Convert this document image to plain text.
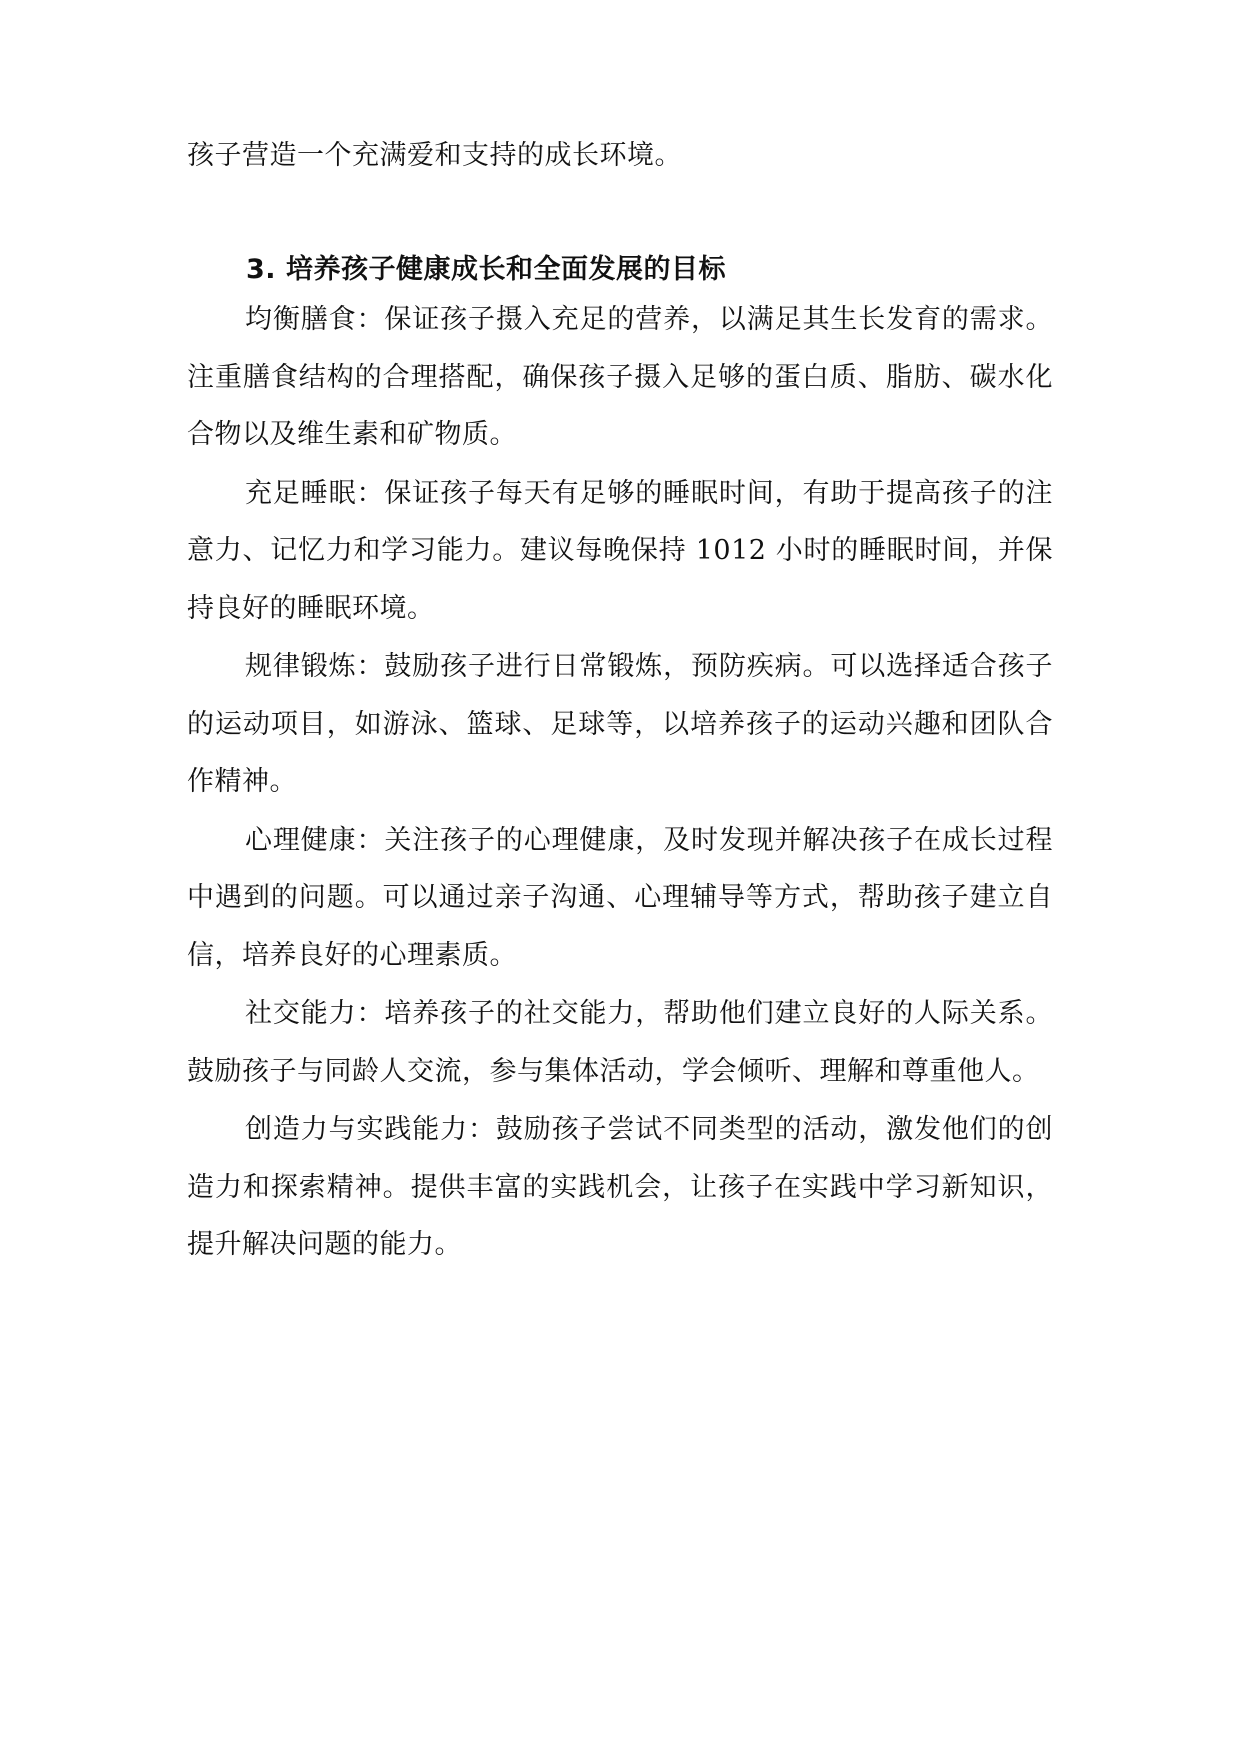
孩子营造一个充满爱和支持的成长环境。

3. 培养孩子健康成长和全面发展的目标

均衡膳食：保证孩子摄入充足的营养，以满足其生长发育的需求。注重膳食结构的合理搭配，确保孩子摄入足够的蛋白质、脂肪、碳水化合物以及维生素和矿物质。

充足睡眠：保证孩子每天有足够的睡眠时间，有助于提高孩子的注意力、记忆力和学习能力。建议每晚保持 1012 小时的睡眠时间，并保持良好的睡眠环境。

规律锻炼：鼓励孩子进行日常锻炼，预防疾病。可以选择适合孩子的运动项目，如游泳、篮球、足球等，以培养孩子的运动兴趣和团队合作精神。

心理健康：关注孩子的心理健康，及时发现并解决孩子在成长过程中遇到的问题。可以通过亲子沟通、心理辅导等方式，帮助孩子建立自信，培养良好的心理素质。

社交能力：培养孩子的社交能力，帮助他们建立良好的人际关系。鼓励孩子与同龄人交流，参与集体活动，学会倾听、理解和尊重他人。

创造力与实践能力：鼓励孩子尝试不同类型的活动，激发他们的创造力和探索精神。提供丰富的实践机会，让孩子在实践中学习新知识，提升解决问题的能力。
